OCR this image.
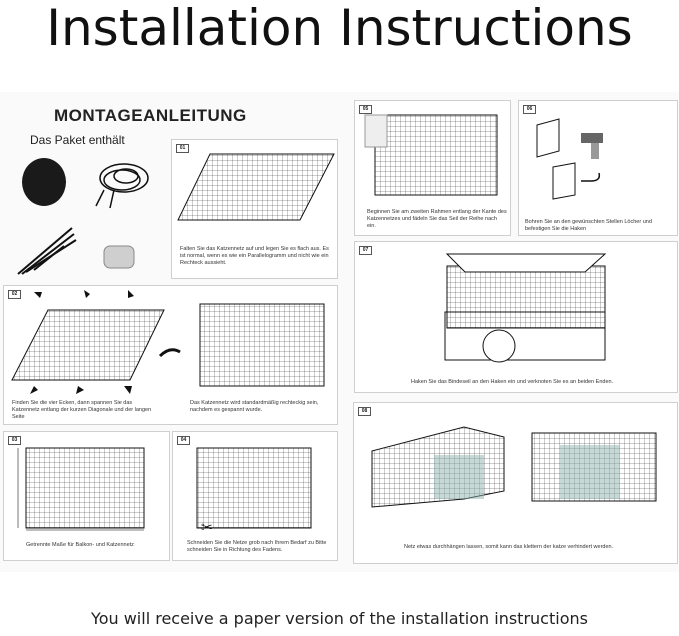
Installation Instructions
MONTAGEANLEITUNG
Das Paket enthält
01
Falten Sie das Katzennetz auf und legen Sie es flach aus. Es ist normal, wenn es wie ein Parallelogramm und nicht wie ein Rechteck aussieht.
02
Finden Sie die vier Ecken, dann spannen Sie das Katzennetz entlang der kurzen Diagonale und der langen Seite
Das Katzennetz wird standardmäßig rechteckig sein, nachdem es gespannt wurde.
03
Getrennte Maße für Balkon- und Katzennetz
04
✂
Schneiden Sie die Netze grob nach Ihrem Bedarf zu Bitte schneiden Sie in Richtung des Fadens.
05
Beginnen Sie am zweiten Rahmen entlang der Kante des Katzennetzes und fädeln Sie das Seil der Reihe nach ein.
06
Bohren Sie an den gewünschten Stellen Löcher und befestigen Sie die Haken
07
Haken Sie das Bindeseil an den Haken ein und verknoten Sie es an beiden Enden.
08
Netz etwas durchhängen lassen, somit kann das klettern der katze verhindert werden.
You will receive a paper version of the installation instructions
